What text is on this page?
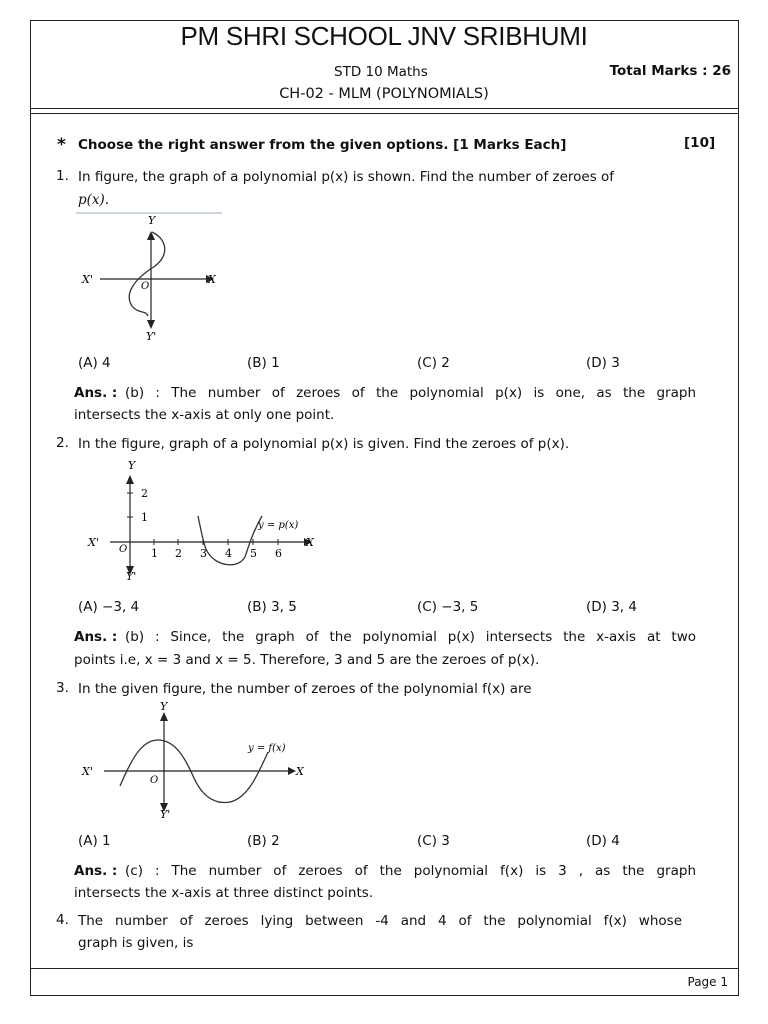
PM SHRI SCHOOL JNV SRIBHUMI
STD 10 Maths	Total Marks : 26
CH-02 - MLM (POLYNOMIALS)
* Choose the right answer from the given options. [1 Marks Each]	[10]
1. In figure, the graph of a polynomial p(x) is shown. Find the number of zeroes of
p(x).
Y
Y'
X'	X
O
(A) 4	(B) 1	(C) 2	(D) 3
Ans. : (b) : The number of zeroes of the polynomial p(x) is one, as the graph
intersects the x-axis at only one point.
2. In the figure, graph of a polynomial p(x) is given. Find the zeroes of p(x).
Y
Y'
X'	X
O 1 2 3 4 5 6
1
2
y = p(x)
(A) −3, 4	(B) 3, 5	(C) −3, 5	(D) 3, 4
Ans. : (b) : Since, the graph of the polynomial p(x) intersects the x-axis at two
points i.e, x = 3 and x = 5. Therefore, 3 and 5 are the zeroes of p(x).
3. In the given figure, the number of zeroes of the polynomial f(x) are
Y
Y'
X'	X
O
y = f(x)
(A) 1	(B) 2	(C) 3	(D) 4
Ans. : (c) : The number of zeroes of the polynomial f(x) is 3 , as the graph
intersects the x-axis at three distinct points.
4. The number of zeroes lying between -4 and 4 of the polynomial f(x) whose
graph is given, is
Page 1
